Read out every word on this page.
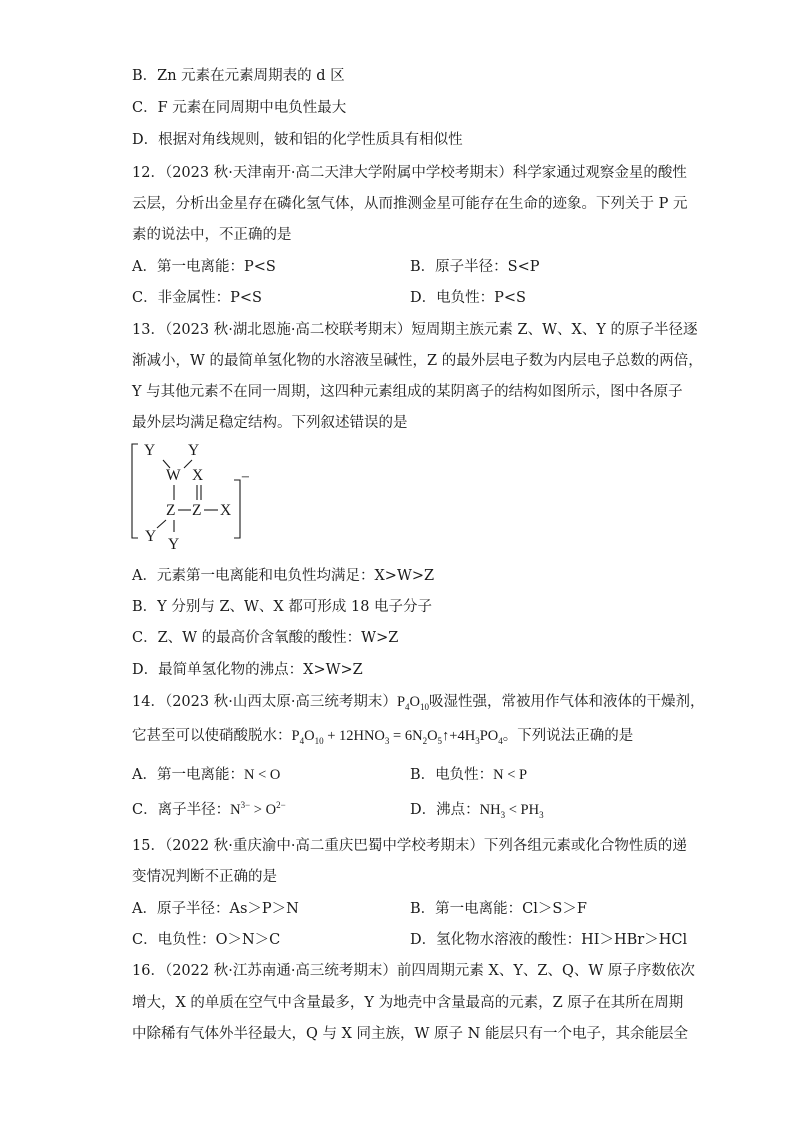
B．Zn 元素在元素周期表的 d 区
C．F 元素在同周期中电负性最大
D．根据对角线规则，铍和铝的化学性质具有相似性
12．（2023 秋·天津南开·高二天津大学附属中学校考期末）科学家通过观察金星的酸性
云层，分析出金星存在磷化氢气体，从而推测金星可能存在生命的迹象。下列关于 P 元
素的说法中，不正确的是
A．第一电离能：P<S	B．原子半径：S<P
C．非金属性：P<S	D．电负性：P<S
13．（2023 秋·湖北恩施·高二校联考期末）短周期主族元素 Z、W、X、Y 的原子半径逐
渐减小，W 的最简单氢化物的水溶液呈碱性，Z 的最外层电子数为内层电子总数的两倍，
Y 与其他元素不在同一周期，这四种元素组成的某阴离子的结构如图所示，图中各原子
最外层均满足稳定结构。下列叙述错误的是
−
Y Y
W X
Z Z X
Y Y
A．元素第一电离能和电负性均满足：X>W>Z
B．Y 分别与 Z、W、X 都可形成 18 电子分子
C．Z、W 的最高价含氧酸的酸性：W>Z
D．最简单氢化物的沸点：X>W>Z
14．（2023 秋·山西太原·高三统考期末）$P_4O_{10}$吸湿性强，常被用作气体和液体的干燥剂，
它甚至可以使硝酸脱水：$P_4O_{10} + 12HNO_3$ = $6N_2O_5↑+4H_3PO_4$。下列说法正确的是
A．第一电离能：N < O	B．电负性：N < P
C．离子半径：$N^{3-} > O^{2-}$	D．沸点：$NH_3 < PH_3$
15．（2022 秋·重庆渝中·高二重庆巴蜀中学校考期末）下列各组元素或化合物性质的递
变情况判断不正确的是
A．原子半径：As＞P＞N	B．第一电离能：Cl＞S＞F
C．电负性：O＞N＞C	D．氢化物水溶液的酸性：HI＞HBr＞HCl
16．（2022 秋·江苏南通·高三统考期末）前四周期元素 X、Y、Z、Q、W 原子序数依次
增大，X 的单质在空气中含量最多，Y 为地壳中含量最高的元素，Z 原子在其所在周期
中除稀有气体外半径最大，Q 与 X 同主族，W 原子 N 能层只有一个电子，其余能层全
